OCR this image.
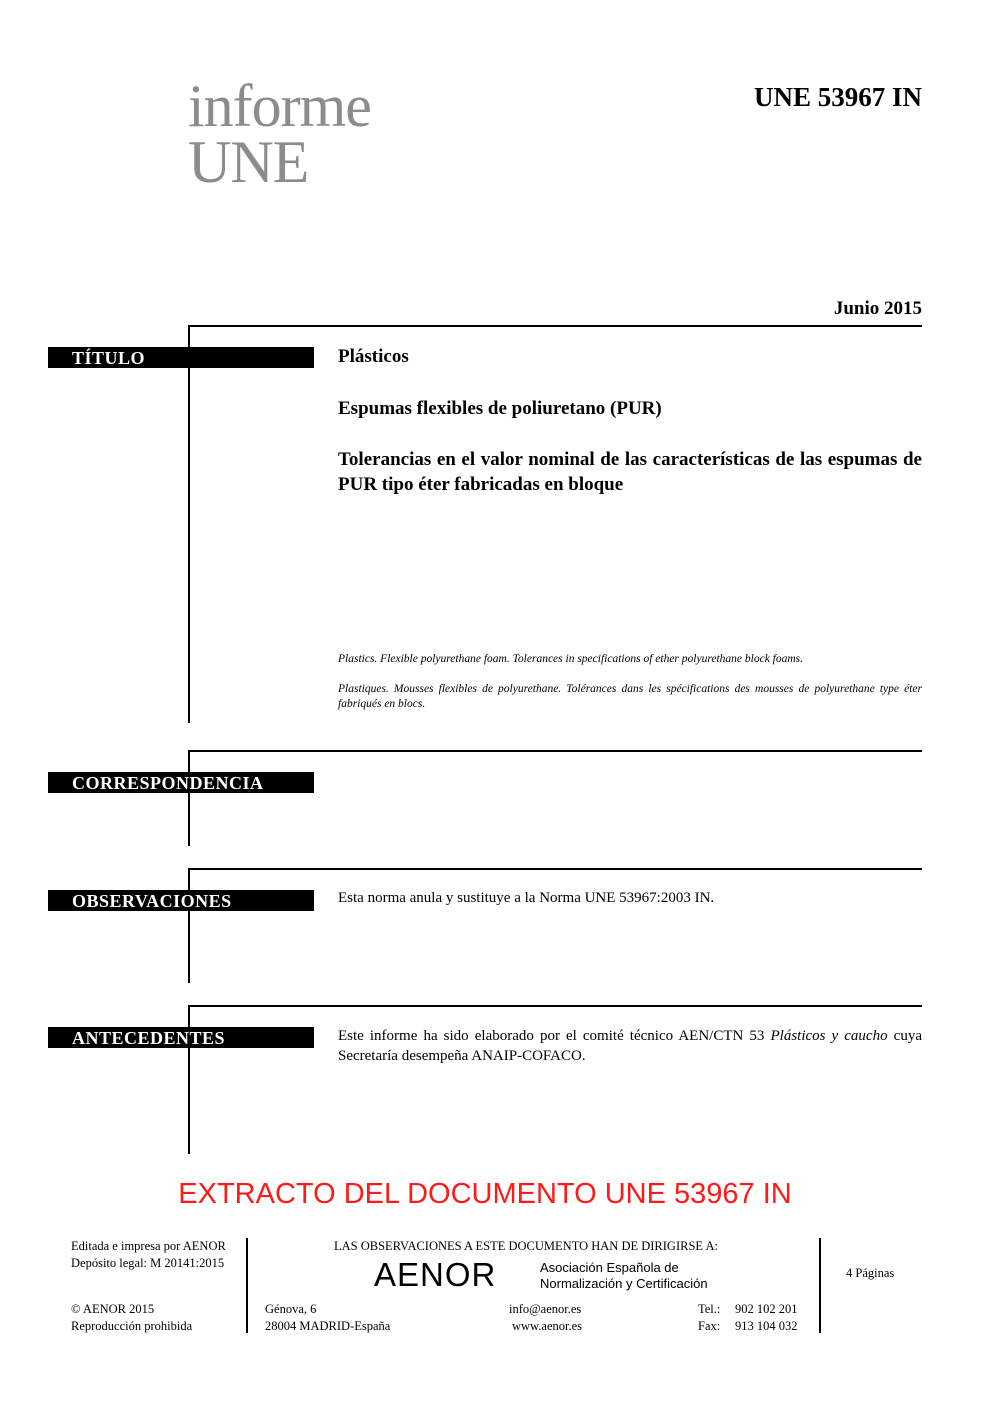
informe
UNE
UNE 53967 IN
Junio 2015
TÍTULO	Plásticos
Espumas flexibles de poliuretano (PUR)
Tolerancias en el valor nominal de las características de las espumas de PUR tipo éter fabricadas en bloque
Plastics. Flexible polyurethane foam. Tolerances in specifications of ether polyurethane block foams.
Plastiques. Mousses flexibles de polyurethane. Tolérances dans les spécifications des mousses de polyurethane type éter fabriqués en blocs.
CORRESPONDENCIA
OBSERVACIONES	Esta norma anula y sustituye a la Norma UNE 53967:2003 IN.
ANTECEDENTES	Este informe ha sido elaborado por el comité técnico AEN/CTN 53 Plásticos y caucho cuya Secretaría desempeña ANAIP-COFACO.
EXTRACTO DEL DOCUMENTO UNE 53967 IN
Editada e impresa por AENOR
Depósito legal: M 20141:2015
© AENOR 2015
Reproducción prohibida
LAS OBSERVACIONES A ESTE DOCUMENTO HAN DE DIRIGIRSE A:
AENOR	Asociación Española de
Normalización y Certificación
Génova, 6
28004 MADRID-España
info@aenor.es
www.aenor.es
Tel.: 902 102 201
Fax: 913 104 032
4 Páginas
